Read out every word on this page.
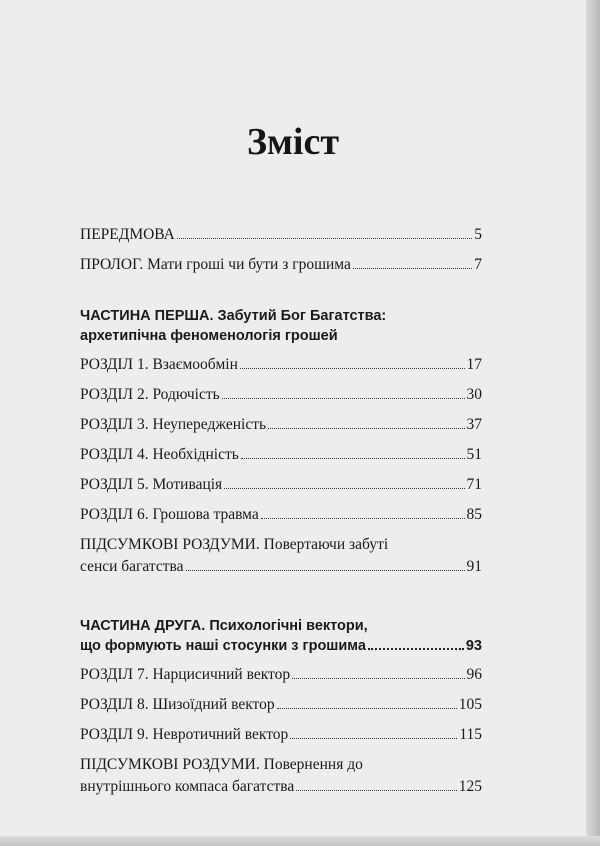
Зміст
ПЕРЕДМОВА	5
ПРОЛОГ. Мати гроші чи бути з грошима	7
ЧАСТИНА ПЕРША. Забутий Бог Багатства:
архетипічна феноменологія грошей
РОЗДІЛ 1. Взаємообмін	17
РОЗДІЛ 2. Родючість	30
РОЗДІЛ 3. Неупередженість	37
РОЗДІЛ 4. Необхідність	51
РОЗДІЛ 5. Мотивація	71
РОЗДІЛ 6. Грошова травма	85
ПІДСУМКОВІ РОЗДУМИ. Повертаючи забуті
сенси багатства	91
ЧАСТИНА ДРУГА. Психологічні вектори,
що формують наші стосунки з грошима	93
РОЗДІЛ 7. Нарцисичний вектор	96
РОЗДІЛ 8. Шизоїдний вектор	105
РОЗДІЛ 9. Невротичний вектор	115
ПІДСУМКОВІ РОЗДУМИ. Повернення до
внутрішнього компаса багатства	125
